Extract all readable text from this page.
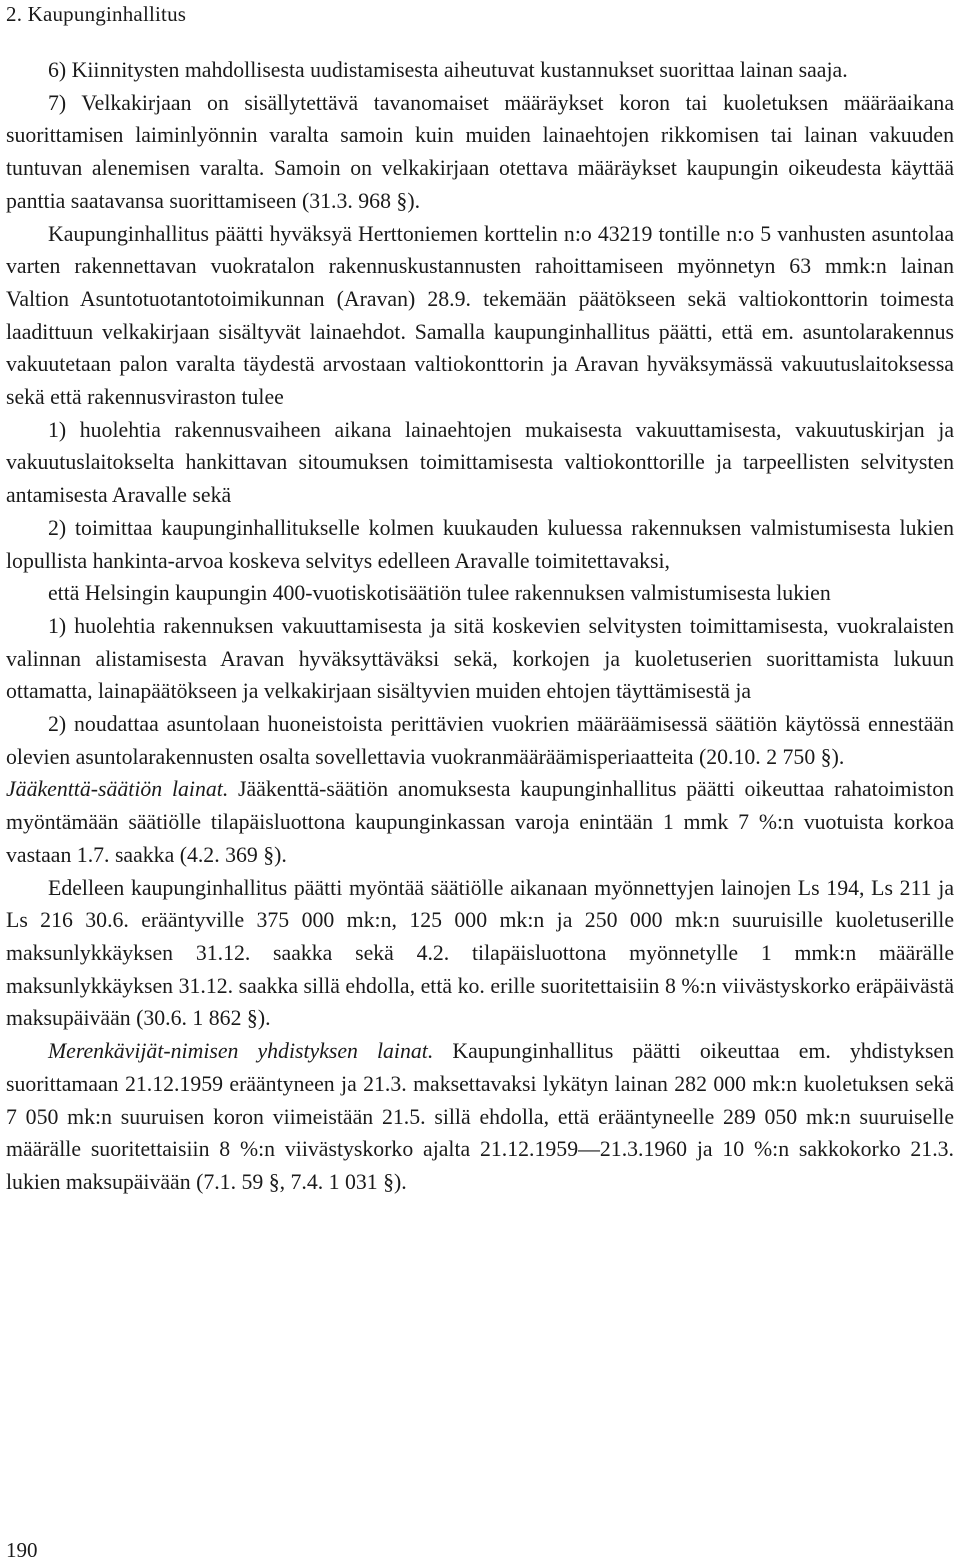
2. Kaupunginhallitus

6) Kiinnitysten mahdollisesta uudistamisesta aiheutuvat kustannukset suorittaa lainan saaja.

7) Velkakirjaan on sisällytettävä tavanomaiset määräykset koron tai kuoletuksen määräaikana suorittamisen laiminlyönnin varalta samoin kuin muiden lainaehtojen rikkomisen tai lainan vakuuden tuntuvan alenemisen varalta. Samoin on velkakirjaan otettava määräykset kaupungin oikeudesta käyttää panttia saatavansa suorittamiseen (31.3. 968 §).

Kaupunginhallitus päätti hyväksyä Herttoniemen korttelin n:o 43219 tontille n:o 5 vanhusten asuntolaa varten rakennettavan vuokratalon rakennuskustannusten rahoittamiseen myönnetyn 63 mmk:n lainan Valtion Asuntotuotantotoimikunnan (Aravan) 28.9. tekemään päätökseen sekä valtiokonttorin toimesta laadittuun velkakirjaan sisältyvät lainaehdot. Samalla kaupunginhallitus päätti, että em. asuntolarakennus vakuutetaan palon varalta täydestä arvostaan valtiokonttorin ja Aravan hyväksymässä vakuutuslaitoksessa sekä että rakennusviraston tulee

1) huolehtia rakennusvaiheen aikana lainaehtojen mukaisesta vakuuttamisesta, vakuutuskirjan ja vakuutuslaitokselta hankittavan sitoumuksen toimittamisesta valtiokonttorille ja tarpeellisten selvitysten antamisesta Aravalle sekä

2) toimittaa kaupunginhallitukselle kolmen kuukauden kuluessa rakennuksen valmistumisesta lukien lopullista hankinta-arvoa koskeva selvitys edelleen Aravalle toimitettavaksi,

että Helsingin kaupungin 400-vuotiskotisäätiön tulee rakennuksen valmistumisesta lukien

1) huolehtia rakennuksen vakuuttamisesta ja sitä koskevien selvitysten toimittamisesta, vuokralaisten valinnan alistamisesta Aravan hyväksyttäväksi sekä, korkojen ja kuoletuserien suorittamista lukuun ottamatta, lainapäätökseen ja velkakirjaan sisältyvien muiden ehtojen täyttämisestä ja

2) noudattaa asuntolaan huoneistoista perittävien vuokrien määräämisessä säätiön käytössä ennestään olevien asuntolarakennusten osalta sovellettavia vuokranmääräämisperiaatteita (20.10. 2 750 §).

Jääkenttä-säätiön lainat. Jääkenttä-säätiön anomuksesta kaupunginhallitus päätti oikeuttaa rahatoimiston myöntämään säätiölle tilapäisluottona kaupunginkassan varoja enintään 1 mmk 7 %:n vuotuista korkoa vastaan 1.7. saakka (4.2. 369 §).

Edelleen kaupunginhallitus päätti myöntää säätiölle aikanaan myönnettyjen lainojen Ls 194, Ls 211 ja Ls 216 30.6. erääntyville 375 000 mk:n, 125 000 mk:n ja 250 000 mk:n suuruisille kuoletuserille maksunlykkäyksen 31.12. saakka sekä 4.2. tilapäisluottona myönnetylle 1 mmk:n määrälle maksunlykkäyksen 31.12. saakka sillä ehdolla, että ko. erille suoritettaisiin 8 %:n viivästyskorko eräpäivästä maksupäivään (30.6. 1 862 §).

Merenkävijät-nimisen yhdistyksen lainat. Kaupunginhallitus päätti oikeuttaa em. yhdistyksen suorittamaan 21.12.1959 erääntyneen ja 21.3. maksettavaksi lykätyn lainan 282 000 mk:n kuoletuksen sekä 7 050 mk:n suuruisen koron viimeistään 21.5. sillä ehdolla, että erääntyneelle 289 050 mk:n suuruiselle määrälle suoritettaisiin 8 %:n viivästyskorko ajalta 21.12.1959—21.3.1960 ja 10 %:n sakkokorko 21.3. lukien maksupäivään (7.1. 59 §, 7.4. 1 031 §).

190
